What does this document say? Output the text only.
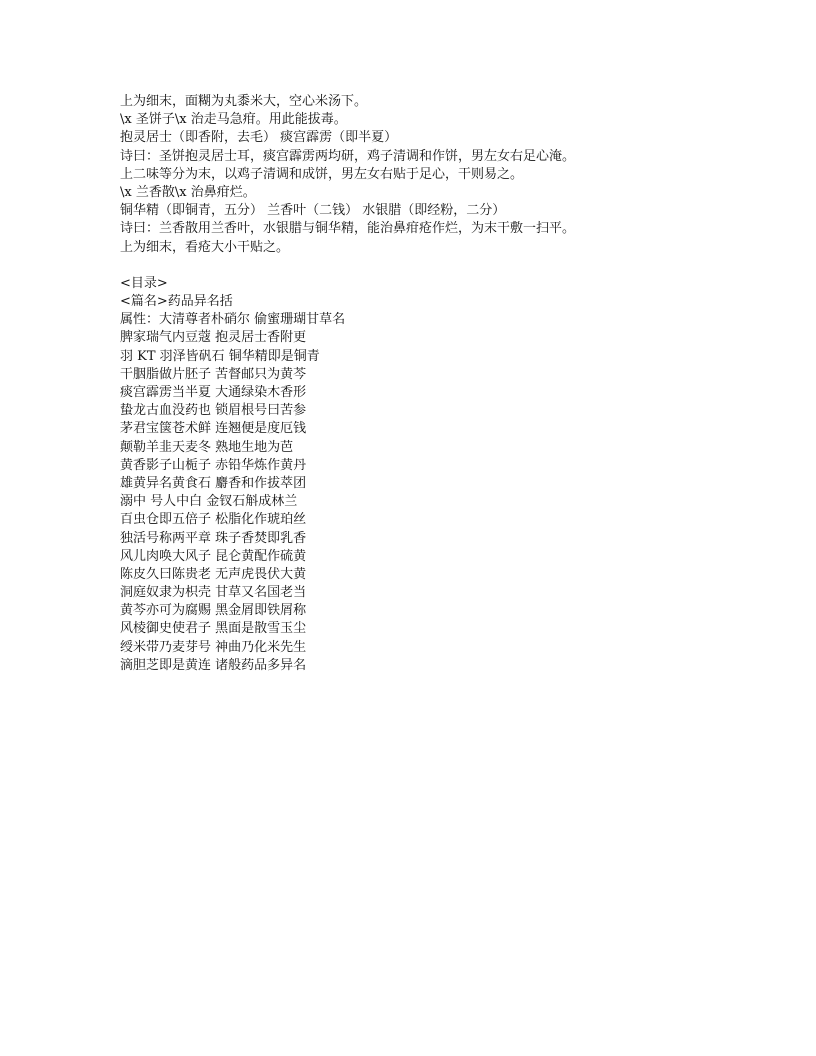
上为细末，面糊为丸黍米大，空心米汤下。

\x 圣饼子\x 治走马急疳。用此能拔毒。

抱灵居士（即香附，去毛） 痰宫霹雳（即半夏）

诗曰：圣饼抱灵居士耳，痰宫霹雳两均研，鸡子清调和作饼，男左女右足心淹。

上二味等分为末，以鸡子清调和成饼，男左女右贴于足心，干则易之。

\x 兰香散\x 治鼻疳烂。

铜华精（即铜青，五分） 兰香叶（二钱） 水银腊（即经粉，二分）

诗曰：兰香散用兰香叶，水银腊与铜华精，能治鼻疳疮作烂，为末干敷一扫平。

上为细末，看疮大小干贴之。

<目录>

<篇名>药品异名括

属性：大清尊者朴硝尔 偷蜜珊瑚甘草名

脾家瑞气内豆蔻 抱灵居士香附更

羽 KT 羽泽皆矾石 铜华精即是铜青

干胭脂做片胚子 苦督邮只为黄芩

痰宫霹雳当半夏 大通绿染木香形

蛰龙古血没药也 锁眉根号曰苦参

茅君宝箧苍术鲜 连翘便是度厄钱

颠勒羊韭天麦冬 熟地生地为芭

黄香影子山栀子 赤铅华炼作黄丹

雄黄异名黄食石 麝香和作拔萃团

溺中 号人中白 金钗石斛成林兰

百虫仓即五倍子 松脂化作琥珀丝

独活号称两平章 珠子香焚即乳香

风儿肉唤大风子 昆仑黄配作硫黄

陈皮久曰陈贵老 无声虎畏伏大黄

洞庭奴隶为枳壳 甘草又名国老当

黄芩亦可为腐赐 黑金屑即铁屑称

风棱御史使君子 黑面是散雪玉尘

绶米带乃麦芽号 神曲乃化米先生

滴胆芝即是黄连 诸般药品多异名
